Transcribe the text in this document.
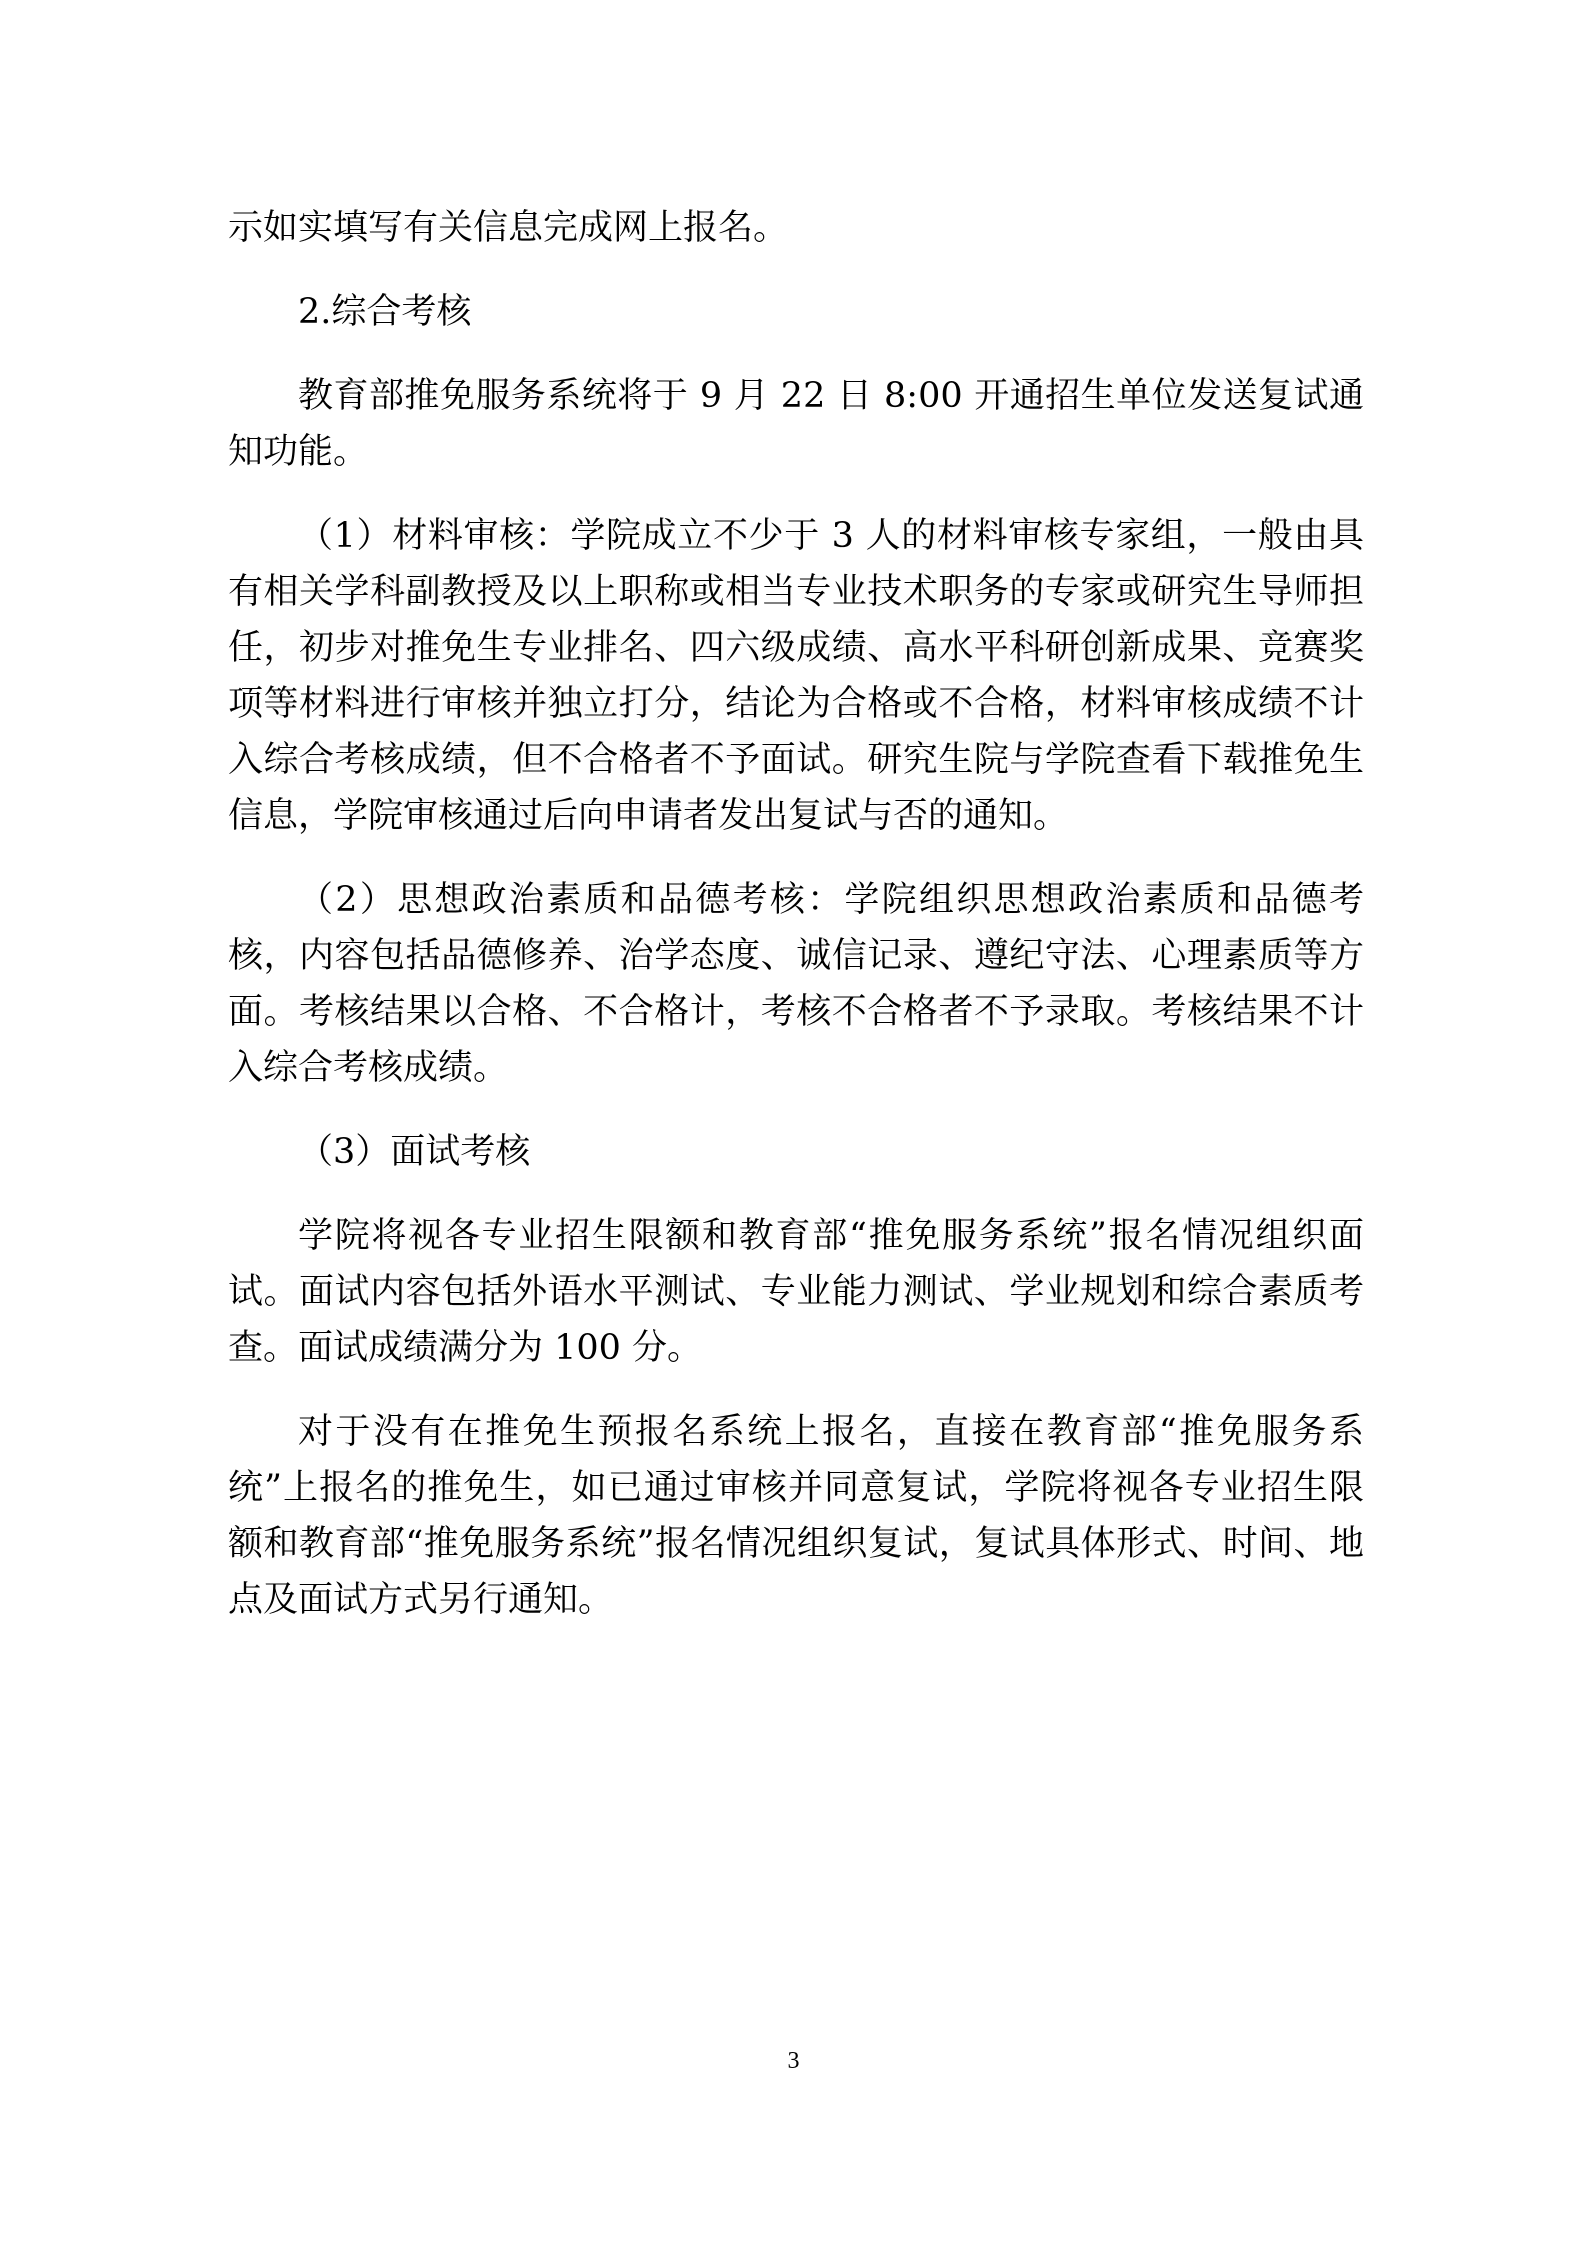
示如实填写有关信息完成网上报名。

2.综合考核

教育部推免服务系统将于 9 月 22 日 8:00 开通招生单位发送复试通知功能。

（1）材料审核：学院成立不少于 3 人的材料审核专家组，一般由具有相关学科副教授及以上职称或相当专业技术职务的专家或研究生导师担任，初步对推免生专业排名、四六级成绩、高水平科研创新成果、竞赛奖项等材料进行审核并独立打分，结论为合格或不合格，材料审核成绩不计入综合考核成绩，但不合格者不予面试。研究生院与学院查看下载推免生信息，学院审核通过后向申请者发出复试与否的通知。

（2）思想政治素质和品德考核：学院组织思想政治素质和品德考核，内容包括品德修养、治学态度、诚信记录、遵纪守法、心理素质等方面。考核结果以合格、不合格计，考核不合格者不予录取。考核结果不计入综合考核成绩。

（3）面试考核

学院将视各专业招生限额和教育部“推免服务系统”报名情况组织面试。面试内容包括外语水平测试、专业能力测试、学业规划和综合素质考查。面试成绩满分为 100 分。

对于没有在推免生预报名系统上报名，直接在教育部“推免服务系统”上报名的推免生，如已通过审核并同意复试，学院将视各专业招生限额和教育部“推免服务系统”报名情况组织复试，复试具体形式、时间、地点及面试方式另行通知。

3
